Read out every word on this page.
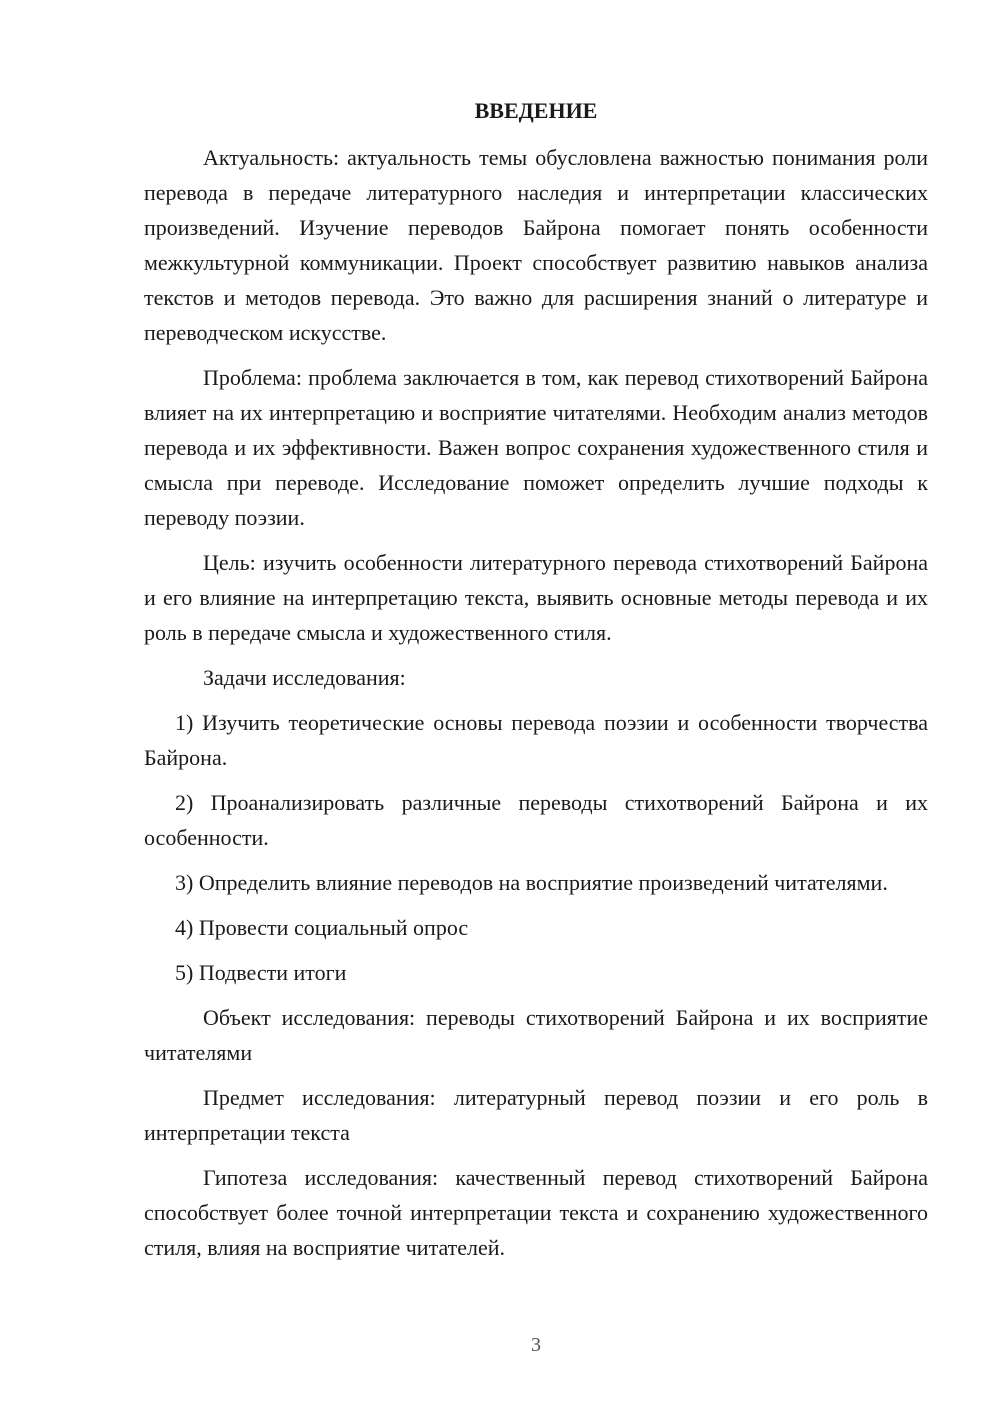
ВВЕДЕНИЕ

Актуальность: актуальность темы обусловлена важностью понимания роли перевода в передаче литературного наследия и интерпретации классических произведений. Изучение переводов Байрона помогает понять особенности межкультурной коммуникации. Проект способствует развитию навыков анализа текстов и методов перевода. Это важно для расширения знаний о литературе и переводческом искусстве.

Проблема: проблема заключается в том, как перевод стихотворений Байрона влияет на их интерпретацию и восприятие читателями. Необходим анализ методов перевода и их эффективности. Важен вопрос сохранения художественного стиля и смысла при переводе. Исследование поможет определить лучшие подходы к переводу поэзии.

Цель: изучить особенности литературного перевода стихотворений Байрона и его влияние на интерпретацию текста, выявить основные методы перевода и их роль в передаче смысла и художественного стиля.

Задачи исследования:

1) Изучить теоретические основы перевода поэзии и особенности творчества Байрона.

2) Проанализировать различные переводы стихотворений Байрона и их особенности.

3) Определить влияние переводов на восприятие произведений читателями.

4) Провести социальный опрос

5) Подвести итоги

Объект исследования: переводы стихотворений Байрона и их восприятие читателями

Предмет исследования: литературный перевод поэзии и его роль в интерпретации текста

Гипотеза исследования: качественный перевод стихотворений Байрона способствует более точной интерпретации текста и сохранению художественного стиля, влияя на восприятие читателей.

3
